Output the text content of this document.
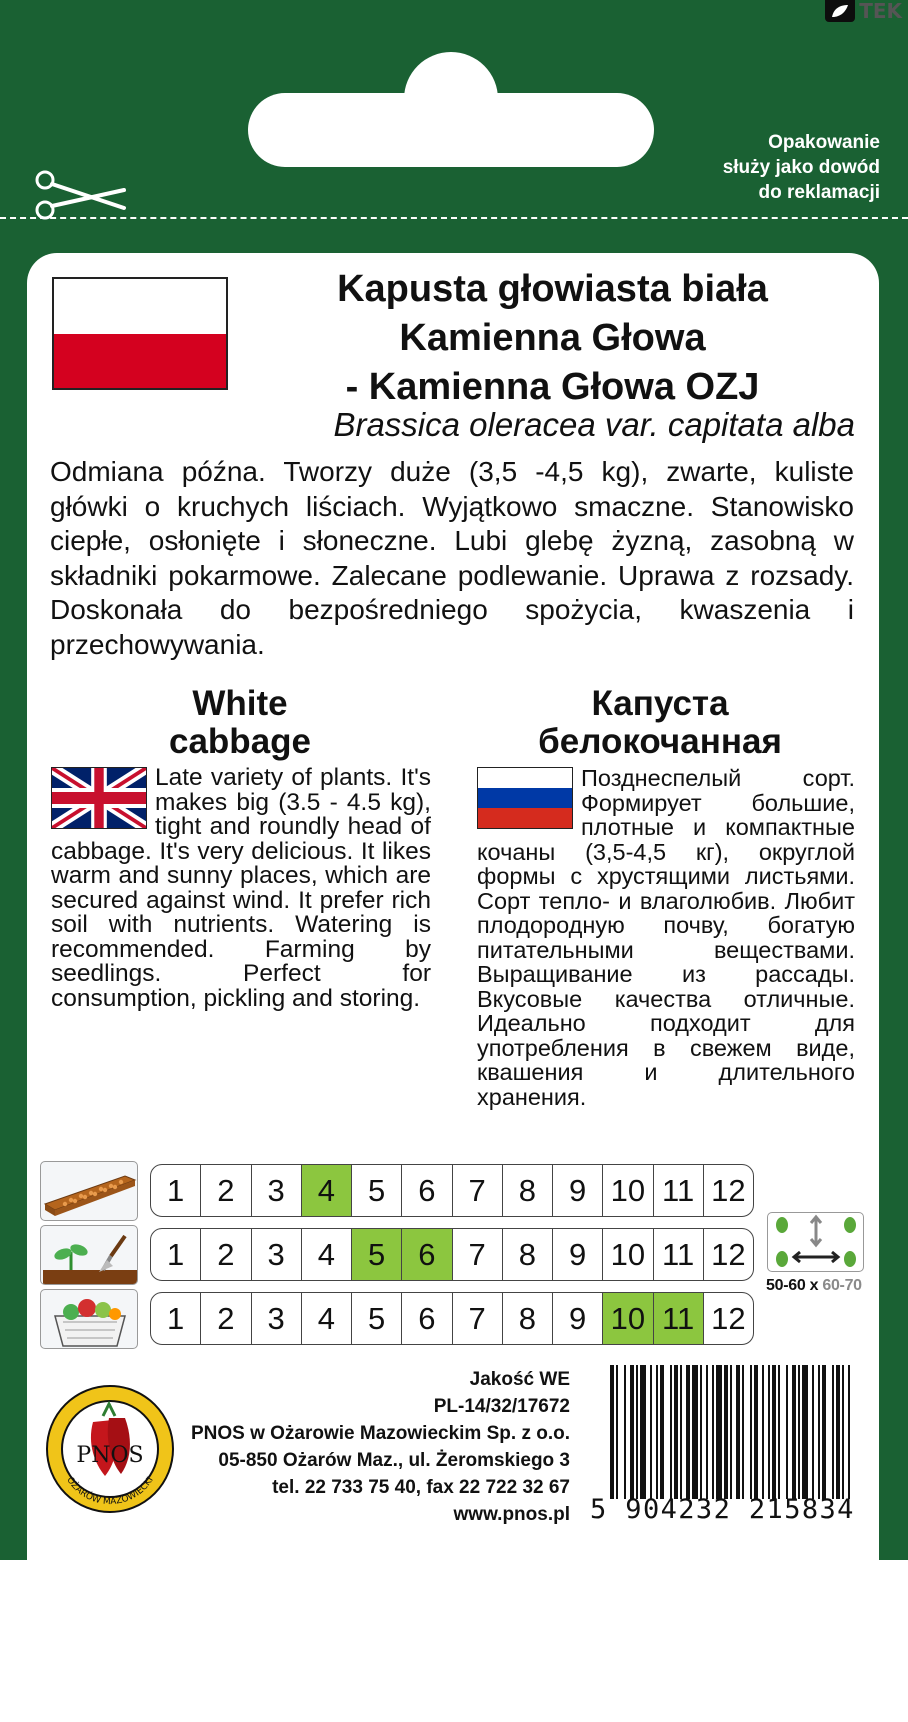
TEK
Opakowanie
służy jako dowód
do reklamacji
Kapusta głowiasta biała
Kamienna Głowa
- Kamienna Głowa OZJ
Brassica oleracea var. capitata alba
Odmiana późna. Tworzy duże (3,5 -4,5 kg), zwarte, kuliste główki o kruchych liściach. Wyjątkowo smaczne. Stanowisko ciepłe, osłonięte i słoneczne. Lubi glebę żyzną, zasobną w składniki pokarmowe. Zalecane podlewanie. Uprawa z rozsady. Doskonała do bezpośredniego spożycia, kwaszenia i przechowywania.
White
cabbage
Капуста
белокочанная
Late variety of plants. It's makes big (3.5 - 4.5 kg), tight and roundly head of cabbage. It's very delicious. It likes warm and sunny places, which are secured against wind. It prefer rich soil with nutrients. Watering is recommended. Farming by seedlings. Perfect for consumption, pickling and storing.
Позднеспелый сорт. Формирует большие, плотные и компактные кочаны (3,5-4,5 кг), округлой формы с хрустящими листьями. Сорт тепло- и влаголюбив. Любит плодородную почву, богатую питательными веществами. Выращивание из рассады. Вкусовые качества отличные. Идеально подходит для употребления в свежем виде, квашения и длительного хранения.
1	2	3	4	5	6	7	8	9 10 11 12
1	2	3	4	5	6	7	8	9 10 11 12
1	2	3	4	5	6	7	8	9 10 11 12
50-60 x 60-70
PNOS
OŻARÓW MAZOWIECKI
Jakość WE
PL-14/32/17672
PNOS w Ożarowie Mazowieckim Sp. z o.o.
05-850 Ożarów Maz., ul. Żeromskiego 3
tel. 22 733 75 40, fax 22 722 32 67
www.pnos.pl 5 904232 215834
